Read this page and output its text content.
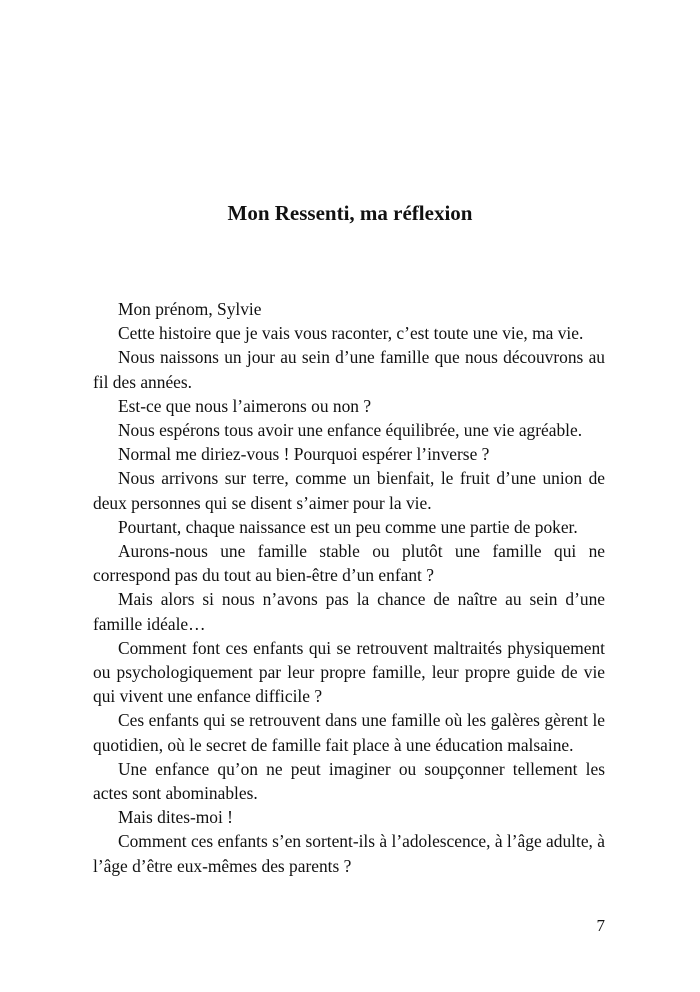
Mon Ressenti, ma réflexion

Mon prénom, Sylvie

Cette histoire que je vais vous raconter, c’est toute une vie, ma vie.

Nous naissons un jour au sein d’une famille que nous découvrons au fil des années.

Est-ce que nous l’aimerons ou non ?

Nous espérons tous avoir une enfance équilibrée, une vie agréable.

Normal me diriez-vous ! Pourquoi espérer l’inverse ?

Nous arrivons sur terre, comme un bienfait, le fruit d’une union de deux personnes qui se disent s’aimer pour la vie.

Pourtant, chaque naissance est un peu comme une partie de poker.

Aurons-nous une famille stable ou plutôt une famille qui ne correspond pas du tout au bien-être d’un enfant ?

Mais alors si nous n’avons pas la chance de naître au sein d’une famille idéale…

Comment font ces enfants qui se retrouvent maltraités physiquement ou psychologiquement par leur propre famille, leur propre guide de vie qui vivent une enfance difficile ?

Ces enfants qui se retrouvent dans une famille où les galères gèrent le quotidien, où le secret de famille fait place à une éducation malsaine.

Une enfance qu’on ne peut imaginer ou soupçonner tellement les actes sont abominables.

Mais dites-moi !

Comment ces enfants s’en sortent-ils à l’adolescence, à l’âge adulte, à l’âge d’être eux-mêmes des parents ?

7
